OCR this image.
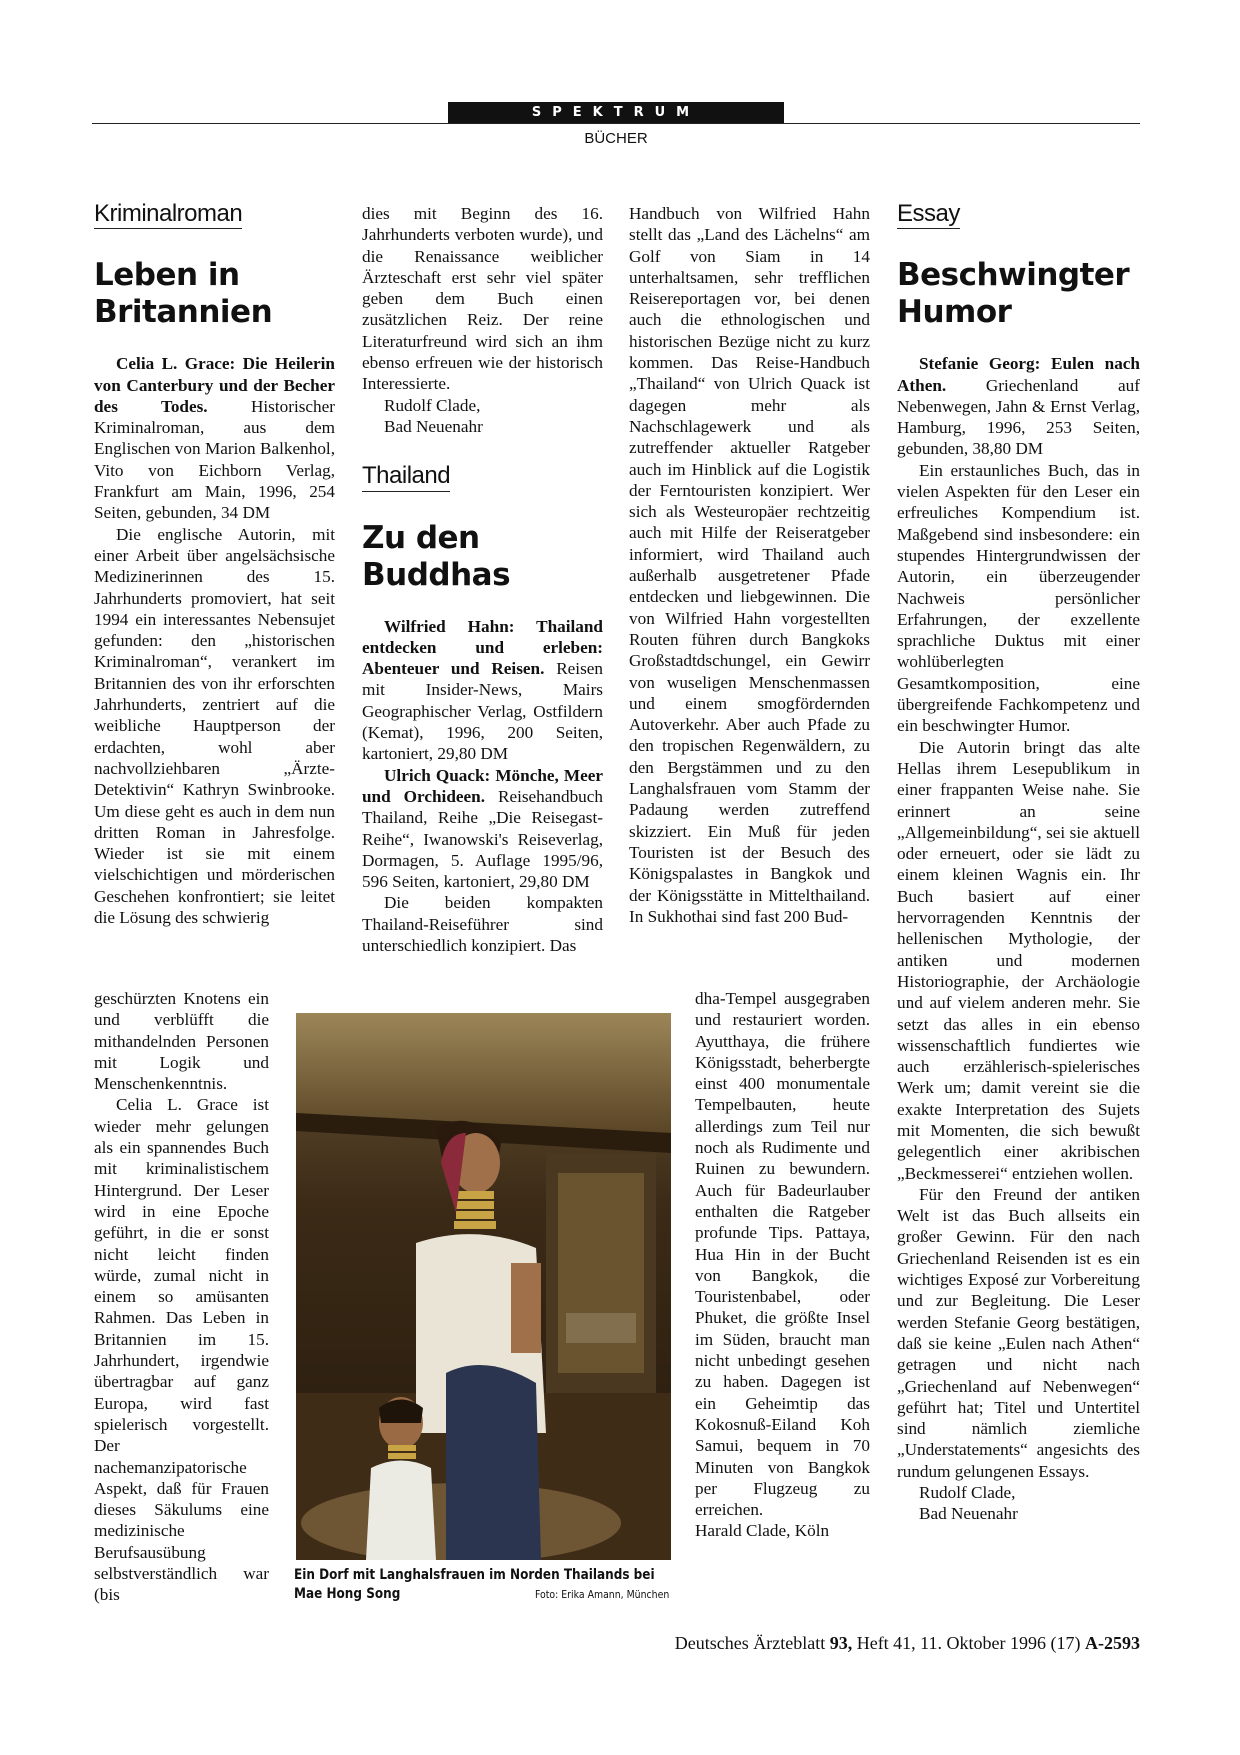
SPEKTRUM
BÜCHER
Kriminalroman
Leben in
Britannien

Celia L. Grace: Die Heilerin von Canterbury und der Becher des Todes. Historischer Kriminalroman, aus dem Englischen von Marion Balkenhol, Vito von Eichborn Verlag, Frankfurt am Main, 1996, 254 Seiten, gebunden, 34 DM

Die englische Autorin, mit einer Arbeit über angelsächsische Medizinerinnen des 15. Jahrhunderts promoviert, hat seit 1994 ein interessantes Nebensujet gefunden: den „historischen Kriminalroman“, verankert im Britannien des von ihr erforschten Jahrhunderts, zentriert auf die weibliche Hauptperson der erdachten, wohl aber nachvollziehbaren „Ärzte-Detektivin“ Kathryn Swinbrooke. Um diese geht es auch in dem nun dritten Roman in Jahresfolge. Wieder ist sie mit einem vielschichtigen und mörderischen Geschehen konfrontiert; sie leitet die Lösung des schwierig

geschürzten Knotens ein und verblüfft die mithandelnden Personen mit Logik und Menschenkenntnis.

Celia L. Grace ist wieder mehr gelungen als ein spannendes Buch mit kriminalistischem Hintergrund. Der Leser wird in eine Epoche geführt, in die er sonst nicht leicht finden würde, zumal nicht in einem so amüsanten Rahmen. Das Leben in Britannien im 15. Jahrhundert, irgendwie übertragbar auf ganz Europa, wird fast spielerisch vorgestellt. Der nachemanzipatorische Aspekt, daß für Frauen dieses Säkulums eine medizinische Berufsausübung selbstverständlich war (bis

dies mit Beginn des 16. Jahrhunderts verboten wurde), und die Renaissance weiblicher Ärzteschaft erst sehr viel später geben dem Buch einen zusätzlichen Reiz. Der reine Literaturfreund wird sich an ihm ebenso erfreuen wie der historisch Interessierte.

Rudolf Clade,

Bad Neuenahr

Thailand
Zu den
Buddhas

Wilfried Hahn: Thailand entdecken und erleben: Abenteuer und Reisen. Reisen mit Insider-News, Mairs Geographischer Verlag, Ostfildern (Kemat), 1996, 200 Seiten, kartoniert, 29,80 DM

Ulrich Quack: Mönche, Meer und Orchideen. Reisehandbuch Thailand, Reihe „Die Reisegast-Reihe“, Iwanowski's Reiseverlag, Dormagen, 5. Auflage 1995/96, 596 Seiten, kartoniert, 29,80 DM

Die beiden kompakten Thailand-Reiseführer sind unterschiedlich konzipiert. Das

Handbuch von Wilfried Hahn stellt das „Land des Lächelns“ am Golf von Siam in 14 unterhaltsamen, sehr trefflichen Reisereportagen vor, bei denen auch die ethnologischen und historischen Bezüge nicht zu kurz kommen. Das Reise-Handbuch „Thailand“ von Ulrich Quack ist dagegen mehr als Nachschlagewerk und als zutreffender aktueller Ratgeber auch im Hinblick auf die Logistik der Ferntouristen konzipiert. Wer sich als Westeuropäer rechtzeitig auch mit Hilfe der Reiseratgeber informiert, wird Thailand auch außerhalb ausgetretener Pfade entdecken und liebgewinnen. Die von Wilfried Hahn vorgestellten Routen führen durch Bangkoks Großstadtdschungel, ein Gewirr von wuseligen Menschenmassen und einem smogfördernden Autoverkehr. Aber auch Pfade zu den tropischen Regenwäldern, zu den Bergstämmen und zu den Langhalsfrauen vom Stamm der Padaung werden zutreffend skizziert. Ein Muß für jeden Touristen ist der Besuch des Königspalastes in Bangkok und der Königsstätte in Mittelthailand. In Sukhothai sind fast 200 Bud-

dha-Tempel ausgegraben und restauriert worden. Ayutthaya, die frühere Königsstadt, beherbergte einst 400 monumentale Tempelbauten, heute allerdings zum Teil nur noch als Rudimente und Ruinen zu bewundern. Auch für Badeurlauber enthalten die Ratgeber profunde Tips. Pattaya, Hua Hin in der Bucht von Bangkok, die Touristenbabel, oder Phuket, die größte Insel im Süden, braucht man nicht unbedingt gesehen zu haben. Dagegen ist ein Geheimtip das Kokosnuß-Eiland Koh Samui, bequem in 70 Minuten von Bangkok per Flugzeug zu erreichen.

Harald Clade, Köln

Essay
Beschwingter
Humor

Stefanie Georg: Eulen nach Athen. Griechenland auf Nebenwegen, Jahn & Ernst Verlag, Hamburg, 1996, 253 Seiten, gebunden, 38,80 DM

Ein erstaunliches Buch, das in vielen Aspekten für den Leser ein erfreuliches Kompendium ist. Maßgebend sind insbesondere: ein stupendes Hintergrundwissen der Autorin, ein überzeugender Nachweis persönlicher Erfahrungen, der exzellente sprachliche Duktus mit einer wohlüberlegten Gesamtkomposition, eine übergreifende Fachkompetenz und ein beschwingter Humor.

Die Autorin bringt das alte Hellas ihrem Lesepublikum in einer frappanten Weise nahe. Sie erinnert an seine „Allgemeinbildung“, sei sie aktuell oder erneuert, oder sie lädt zu einem kleinen Wagnis ein. Ihr Buch basiert auf einer hervorragenden Kenntnis der hellenischen Mythologie, der antiken und modernen Historiographie, der Archäologie und auf vielem anderen mehr. Sie setzt das alles in ein ebenso wissenschaftlich fundiertes wie auch erzählerisch-spielerisches Werk um; damit vereint sie die exakte Interpretation des Sujets mit Momenten, die sich bewußt gelegentlich einer akribischen „Beckmesserei“ entziehen wollen.

Für den Freund der antiken Welt ist das Buch allseits ein großer Gewinn. Für den nach Griechenland Reisenden ist es ein wichtiges Exposé zur Vorbereitung und zur Begleitung. Die Leser werden Stefanie Georg bestätigen, daß sie keine „Eulen nach Athen“ getragen und nicht nach „Griechenland auf Nebenwegen“ geführt hat; Titel und Untertitel sind nämlich ziemliche „Understatements“ angesichts des rundum gelungenen Essays.

Rudolf Clade,

Bad Neuenahr

Ein Dorf mit Langhalsfrauen im Norden Thailands bei Mae Hong Song	Foto: Erika Amann, München
Deutsches Ärzteblatt 93, Heft 41, 11. Oktober 1996 (17) A-2593
